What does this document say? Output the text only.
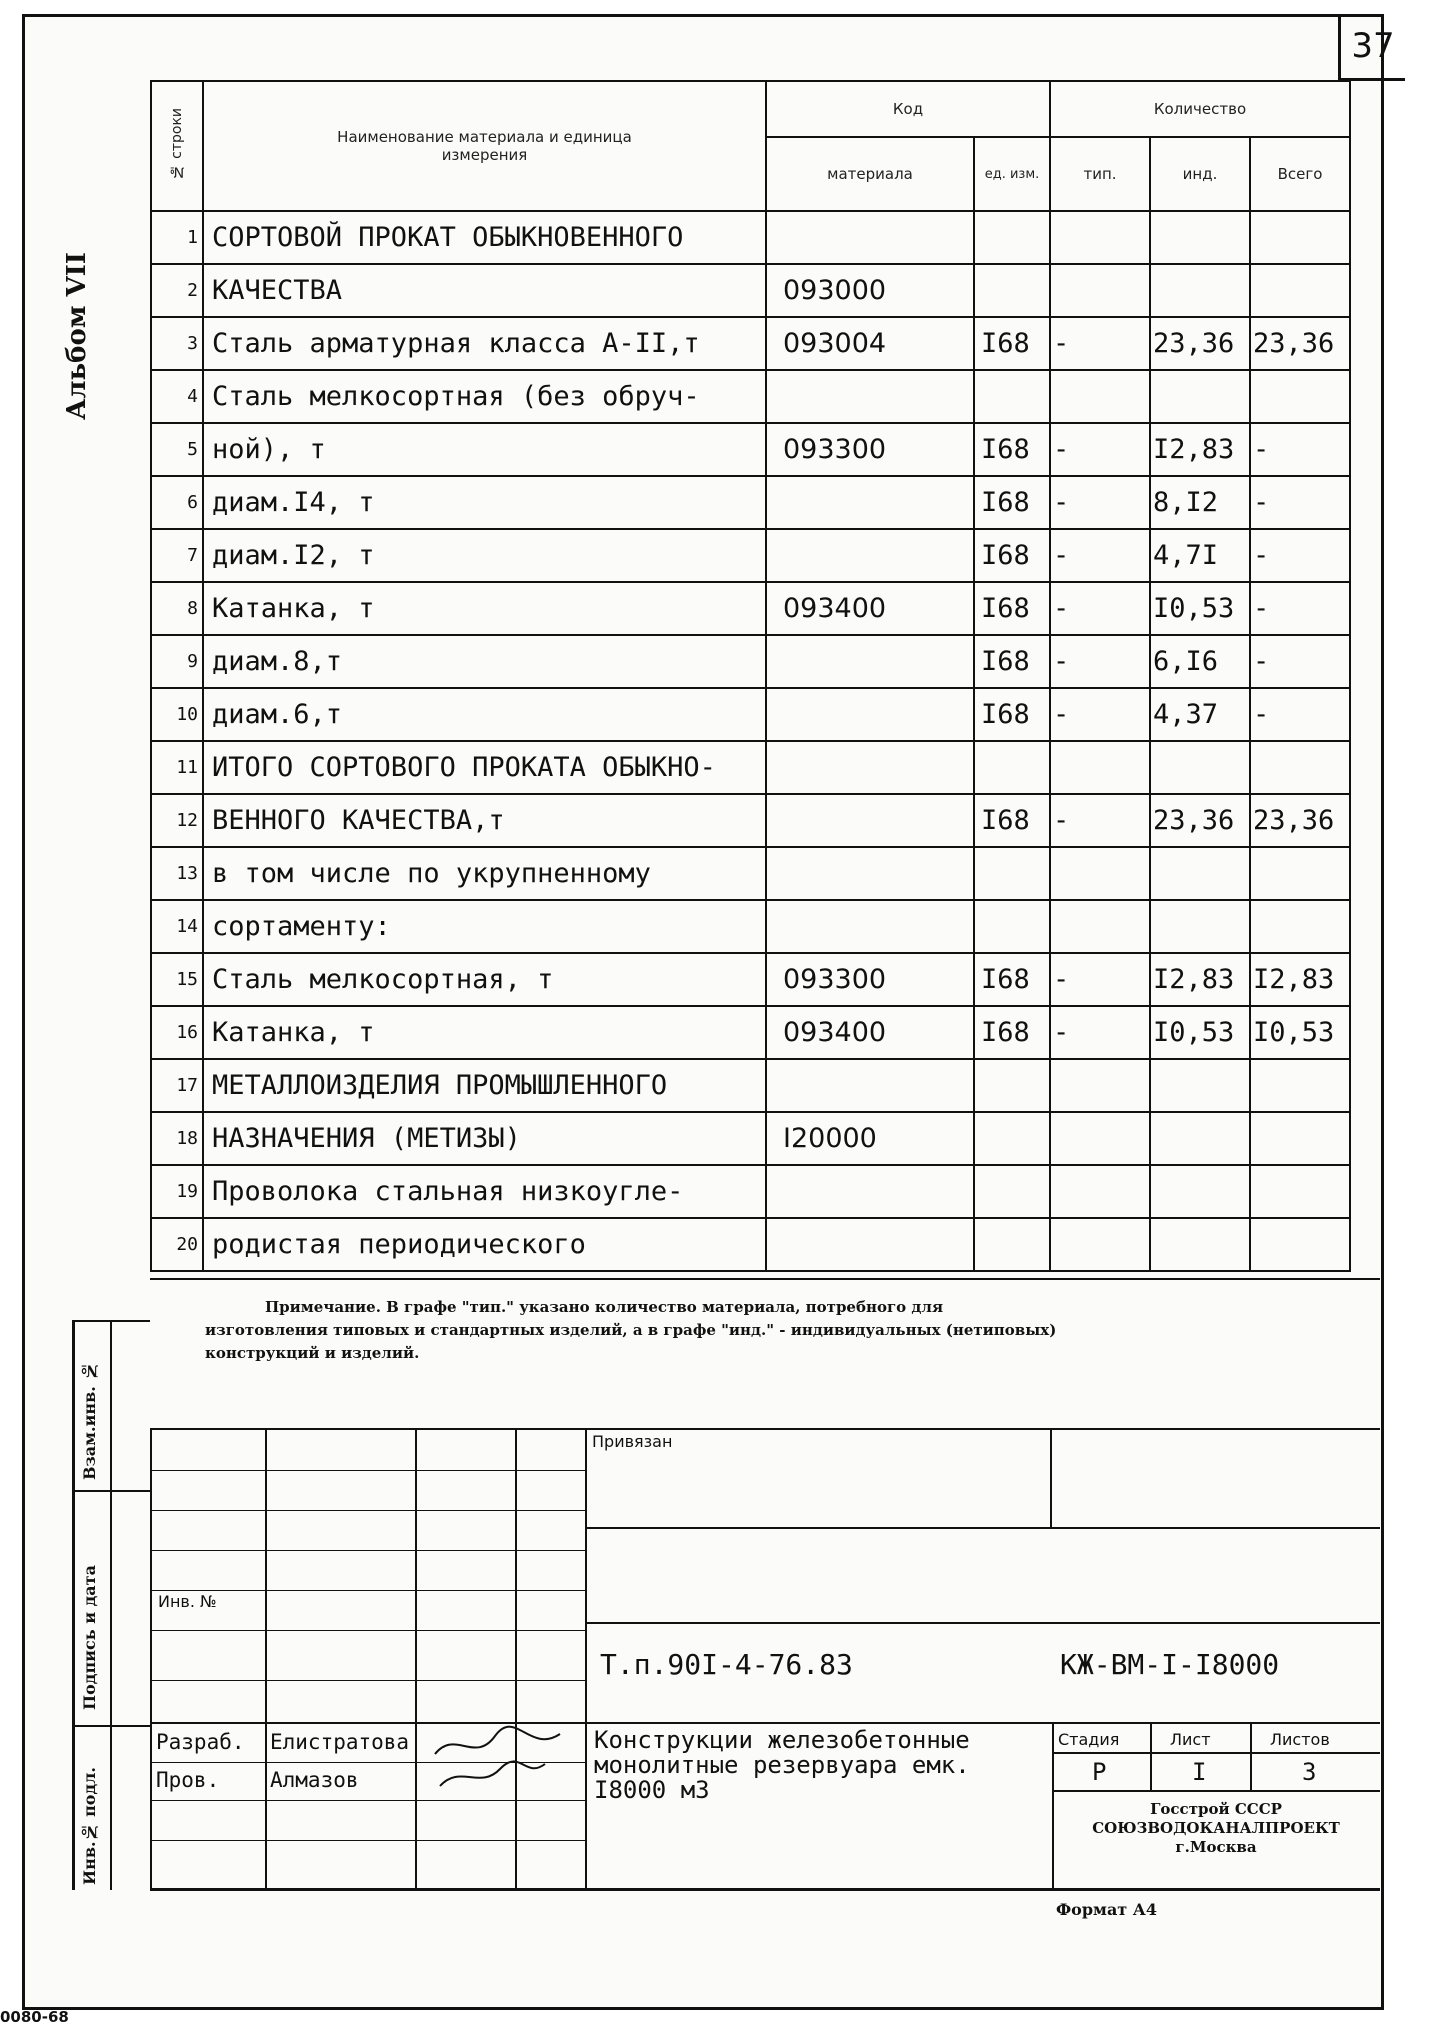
37
Альбом VII
№ строки	Наименование материала и единица измерения	Код		Количество		
		материала	ед. изм.	тип.	инд.	Всего
1	СОРТОВОЙ ПРОКАТ ОБЫКНОВЕННОГО					
2	КАЧЕСТВА	093000				
3	Сталь арматурная класса А-II,т	093004	I68	-	23,36	23,36
4	Сталь мелкосортная (без обруч-					
5	ной), т	093300	I68	-	I2,83	-
6	диам.I4, т		I68	-	8,I2	-
7	диам.I2, т		I68	-	4,7I	-
8	Катанка, т	093400	I68	-	I0,53	-
9	диам.8,т		I68	-	6,I6	-
10	диам.6,т		I68	-	4,37	-
11	ИТОГО СОРТОВОГО ПРОКАТА ОБЫКНО-					
12	ВЕННОГО КАЧЕСТВА,т		I68	-	23,36	23,36
13	в том числе по укрупненному					
14	сортаменту:					
15	Сталь мелкосортная, т	093300	I68	-	I2,83	I2,83
16	Катанка, т	093400	I68	-	I0,53	I0,53
17	МЕТАЛЛОИЗДЕЛИЯ ПРОМЫШЛЕННОГО					
18	НАЗНАЧЕНИЯ (МЕТИЗЫ)	I20000				
19	Проволока стальная низкоугле-					
20	родистая периодического					

Примечание. В графе "тип." указано количество материала, потребного для изготовления типовых и стандартных изделий, а в графе "инд." - индивидуальных (нетиповых) конструкций и изделий.

Взам.инв. №
Подпись и дата
Инв.№ подл.
Привязан
Инв. №
Т.п.90I-4-76.83	КЖ-ВМ-I-I8000
Конструкции железобетонные монолитные резервуара емк. I8000 м3
Разраб. Елистратова
Пров. Алмазов
Стадия	Лист	Листов
Р	I	3
Госстрой СССР
СОЮЗВОДОКАНАЛПРОЕКТ
г.Москва
Формат А4
0080-68
